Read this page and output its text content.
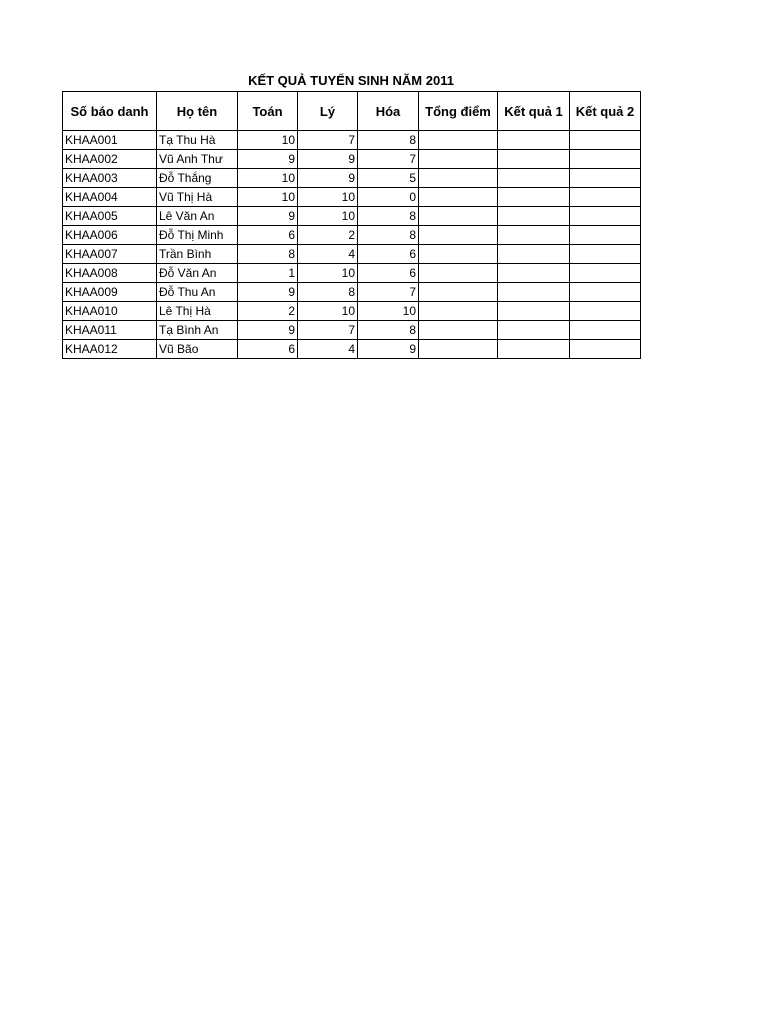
KẾT QUẢ TUYỂN SINH NĂM 2011
Số báo danh	Họ tên	Toán	Lý	Hóa	Tổng điểm	Kết quả 1	Kết quả 2
KHAA001	Tạ Thu Hà	10	7	8			
KHAA002	Vũ Anh Thư	9	9	7			
KHAA003	Đỗ Thắng	10	9	5			
KHAA004	Vũ Thị Hà	10	10	0			
KHAA005	Lê Văn An	9	10	8			
KHAA006	Đỗ Thị Minh	6	2	8			
KHAA007	Trần Bình	8	4	6			
KHAA008	Đỗ Văn An	1	10	6			
KHAA009	Đỗ Thu An	9	8	7			
KHAA010	Lê Thị Hà	2	10	10			
KHAA011	Tạ Bình An	9	7	8			
KHAA012	Vũ Bão	6	4	9			
